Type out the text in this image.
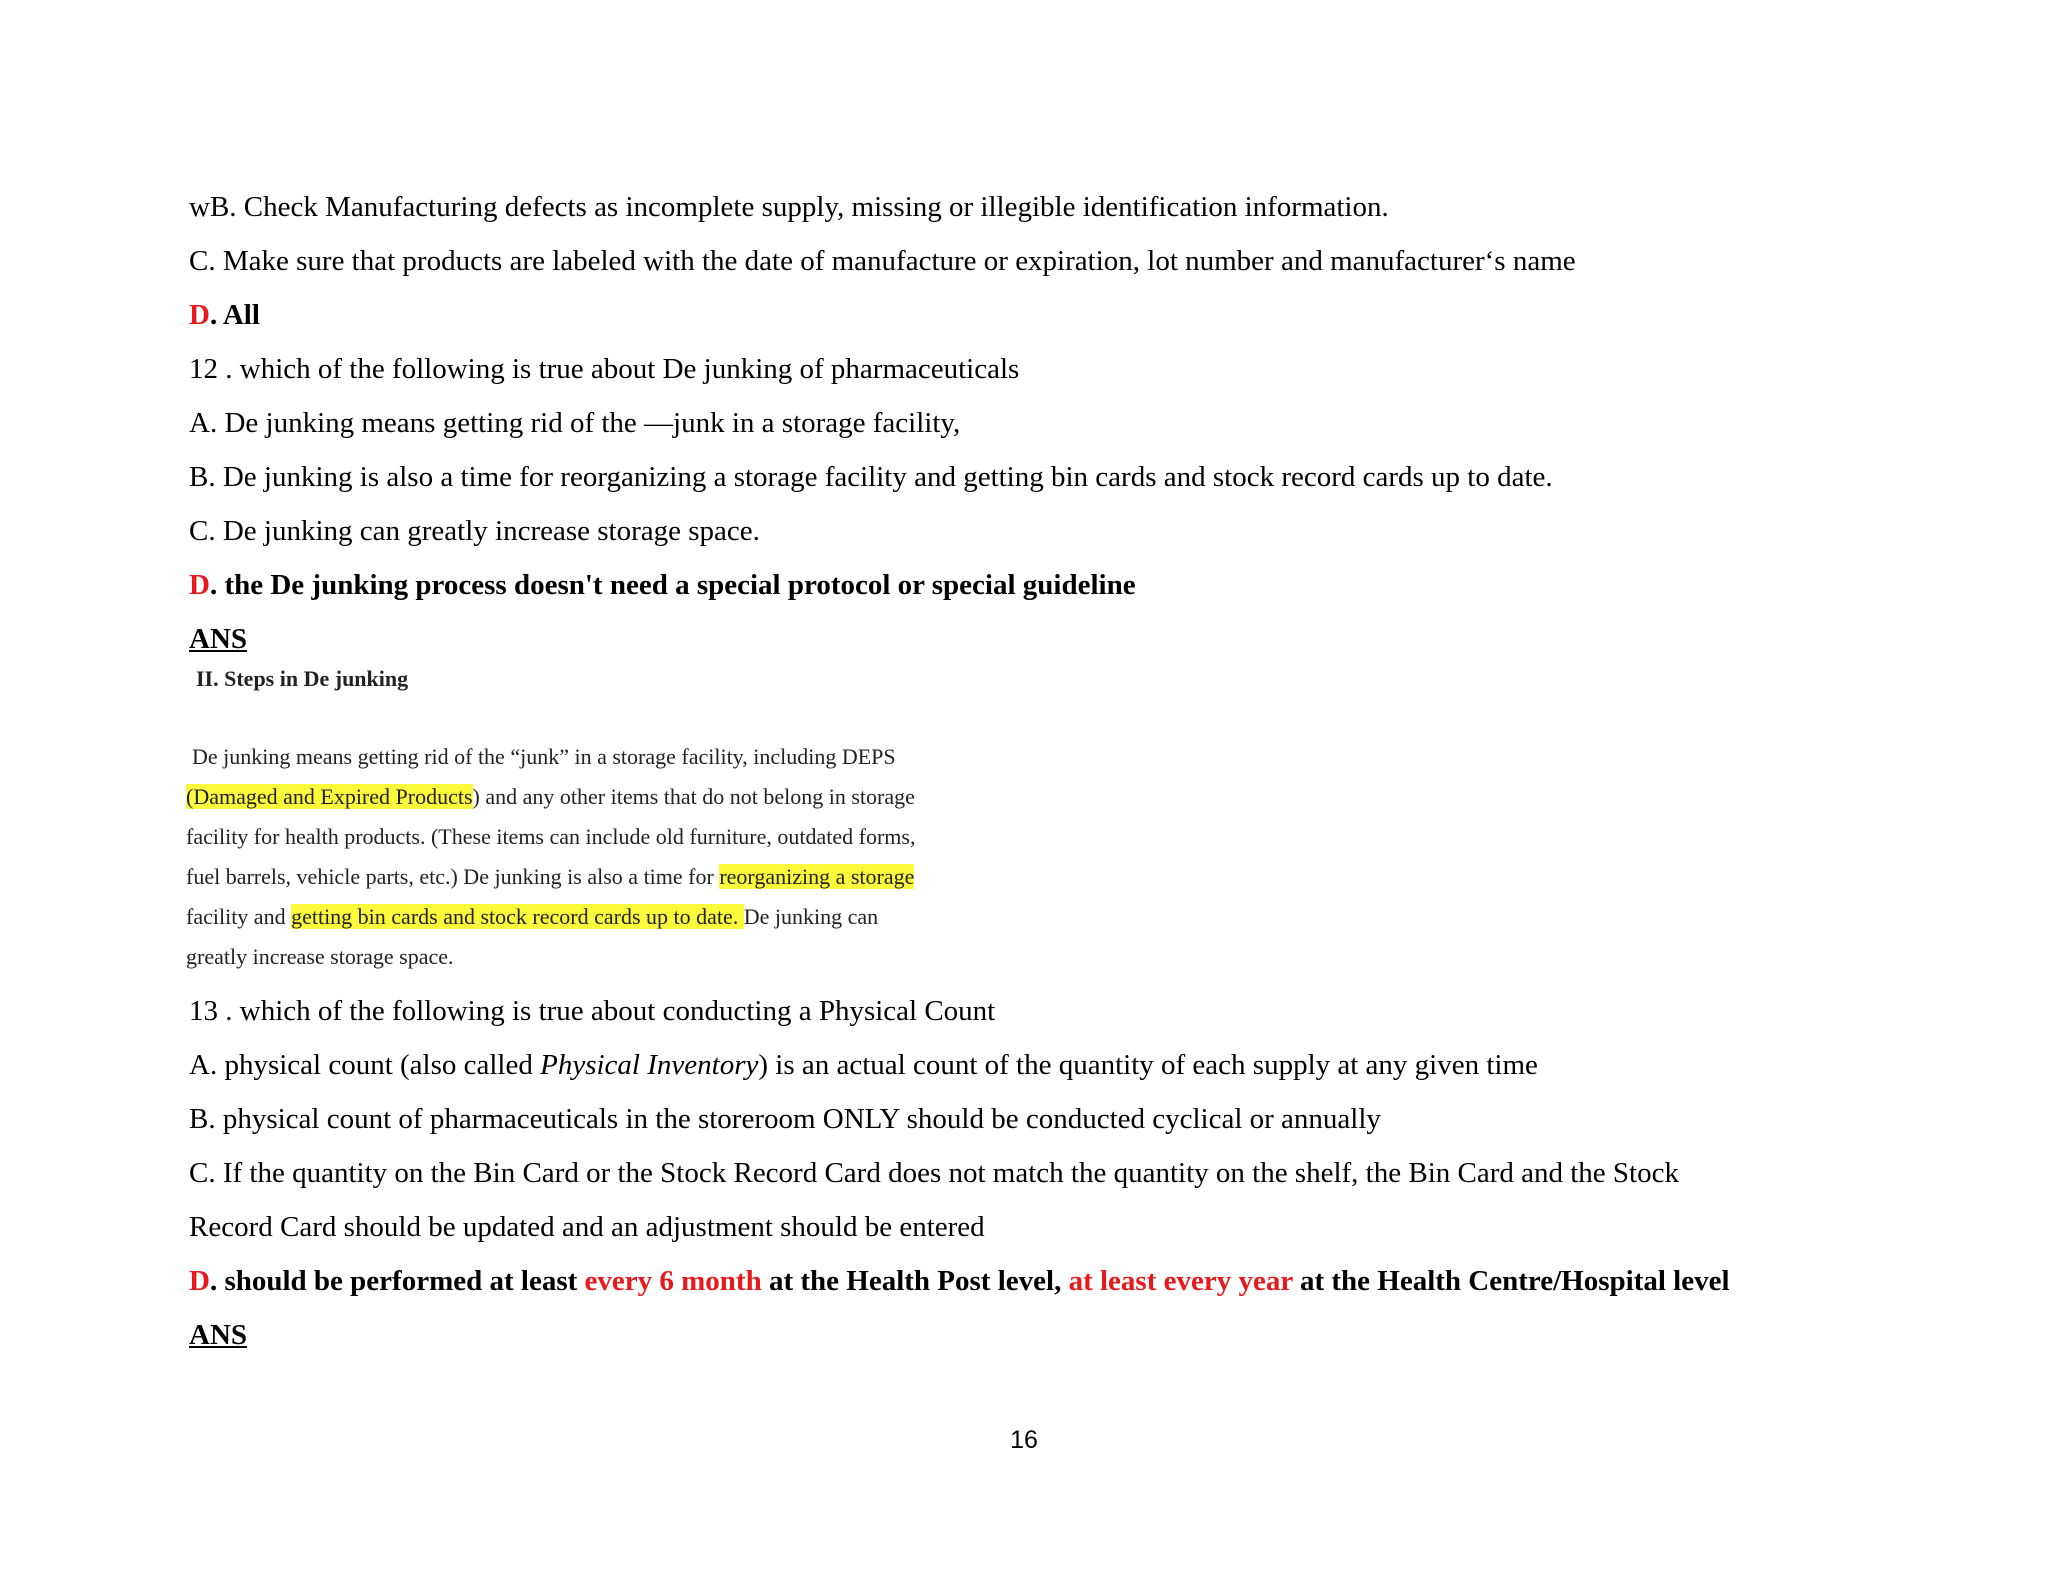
wB. Check Manufacturing defects as incomplete supply, missing or illegible identification information.
C. Make sure that products are labeled with the date of manufacture or expiration, lot number and manufacturer‘s name
D. All
12 . which of the following is true about De junking of pharmaceuticals
A. De junking means getting rid of the ―junk in a storage facility,
B. De junking is also a time for reorganizing a storage facility and getting bin cards and stock record cards up to date.
C. De junking can greatly increase storage space.
D. the De junking process doesn't need a special protocol or special guideline
ANS
II. Steps in De junking
De junking means getting rid of the “junk” in a storage facility, including DEPS
(Damaged and Expired Products) and any other items that do not belong in storage
facility for health products. (These items can include old furniture, outdated forms,
fuel barrels, vehicle parts, etc.) De junking is also a time for reorganizing a storage
facility and getting bin cards and stock record cards up to date. De junking can
greatly increase storage space.
13 . which of the following is true about conducting a Physical Count
A. physical count (also called Physical Inventory) is an actual count of the quantity of each supply at any given time
B. physical count of pharmaceuticals in the storeroom ONLY should be conducted cyclical or annually
C. If the quantity on the Bin Card or the Stock Record Card does not match the quantity on the shelf, the Bin Card and the Stock
Record Card should be updated and an adjustment should be entered
D. should be performed at least every 6 month at the Health Post level, at least every year at the Health Centre/Hospital level
ANS
16
